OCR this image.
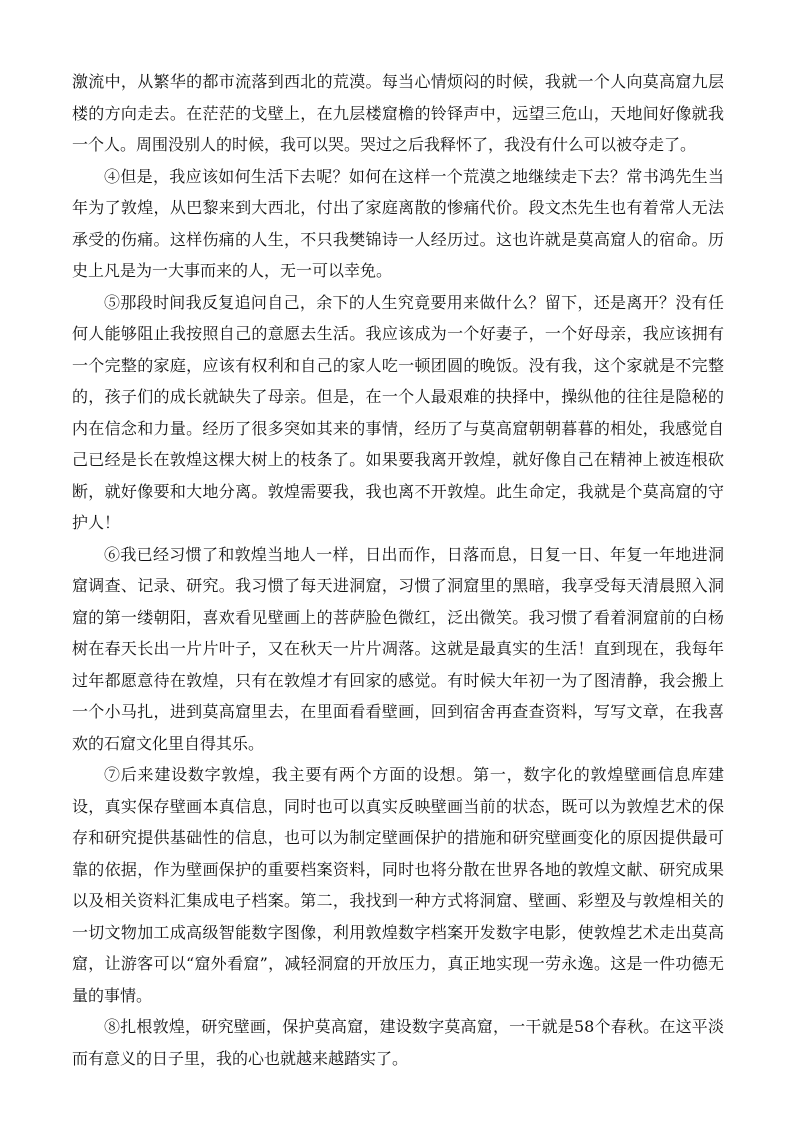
激流中，从繁华的都市流落到西北的荒漠。每当心情烦闷的时候，我就一个人向莫高窟九层楼的方向走去。在茫茫的戈壁上，在九层楼窟檐的铃铎声中，远望三危山，天地间好像就我一个人。周围没别人的时候，我可以哭。哭过之后我释怀了，我没有什么可以被夺走了。

④但是，我应该如何生活下去呢？如何在这样一个荒漠之地继续走下去？常书鸿先生当年为了敦煌，从巴黎来到大西北，付出了家庭离散的惨痛代价。段文杰先生也有着常人无法承受的伤痛。这样伤痛的人生，不只我樊锦诗一人经历过。这也许就是莫高窟人的宿命。历史上凡是为一大事而来的人，无一可以幸免。

⑤那段时间我反复追问自己，余下的人生究竟要用来做什么？留下，还是离开？没有任何人能够阻止我按照自己的意愿去生活。我应该成为一个好妻子，一个好母亲，我应该拥有一个完整的家庭，应该有权利和自己的家人吃一顿团圆的晚饭。没有我，这个家就是不完整的，孩子们的成长就缺失了母亲。但是，在一个人最艰难的抉择中，操纵他的往往是隐秘的内在信念和力量。经历了很多突如其来的事情，经历了与莫高窟朝朝暮暮的相处，我感觉自己已经是长在敦煌这棵大树上的枝条了。如果要我离开敦煌，就好像自己在精神上被连根砍断，就好像要和大地分离。敦煌需要我，我也离不开敦煌。此生命定，我就是个莫高窟的守护人！

⑥我已经习惯了和敦煌当地人一样，日出而作，日落而息，日复一日、年复一年地进洞窟调查、记录、研究。我习惯了每天进洞窟，习惯了洞窟里的黑暗，我享受每天清晨照入洞窟的第一缕朝阳，喜欢看见壁画上的菩萨脸色微红，泛出微笑。我习惯了看着洞窟前的白杨树在春天长出一片片叶子，又在秋天一片片凋落。这就是最真实的生活！直到现在，我每年过年都愿意待在敦煌，只有在敦煌才有回家的感觉。有时候大年初一为了图清静，我会搬上一个小马扎，进到莫高窟里去，在里面看看壁画，回到宿舍再查查资料，写写文章，在我喜欢的石窟文化里自得其乐。

⑦后来建设数字敦煌，我主要有两个方面的设想。第一，数字化的敦煌壁画信息库建设，真实保存壁画本真信息，同时也可以真实反映壁画当前的状态，既可以为敦煌艺术的保存和研究提供基础性的信息，也可以为制定壁画保护的措施和研究壁画变化的原因提供最可靠的依据，作为壁画保护的重要档案资料，同时也将分散在世界各地的敦煌文献、研究成果以及相关资料汇集成电子档案。第二，我找到一种方式将洞窟、壁画、彩塑及与敦煌相关的一切文物加工成高级智能数字图像，利用敦煌数字档案开发数字电影，使敦煌艺术走出莫高窟，让游客可以“窟外看窟”，减轻洞窟的开放压力，真正地实现一劳永逸。这是一件功德无量的事情。

⑧扎根敦煌，研究壁画，保护莫高窟，建设数字莫高窟，一干就是58个春秋。在这平淡而有意义的日子里，我的心也就越来越踏实了。
